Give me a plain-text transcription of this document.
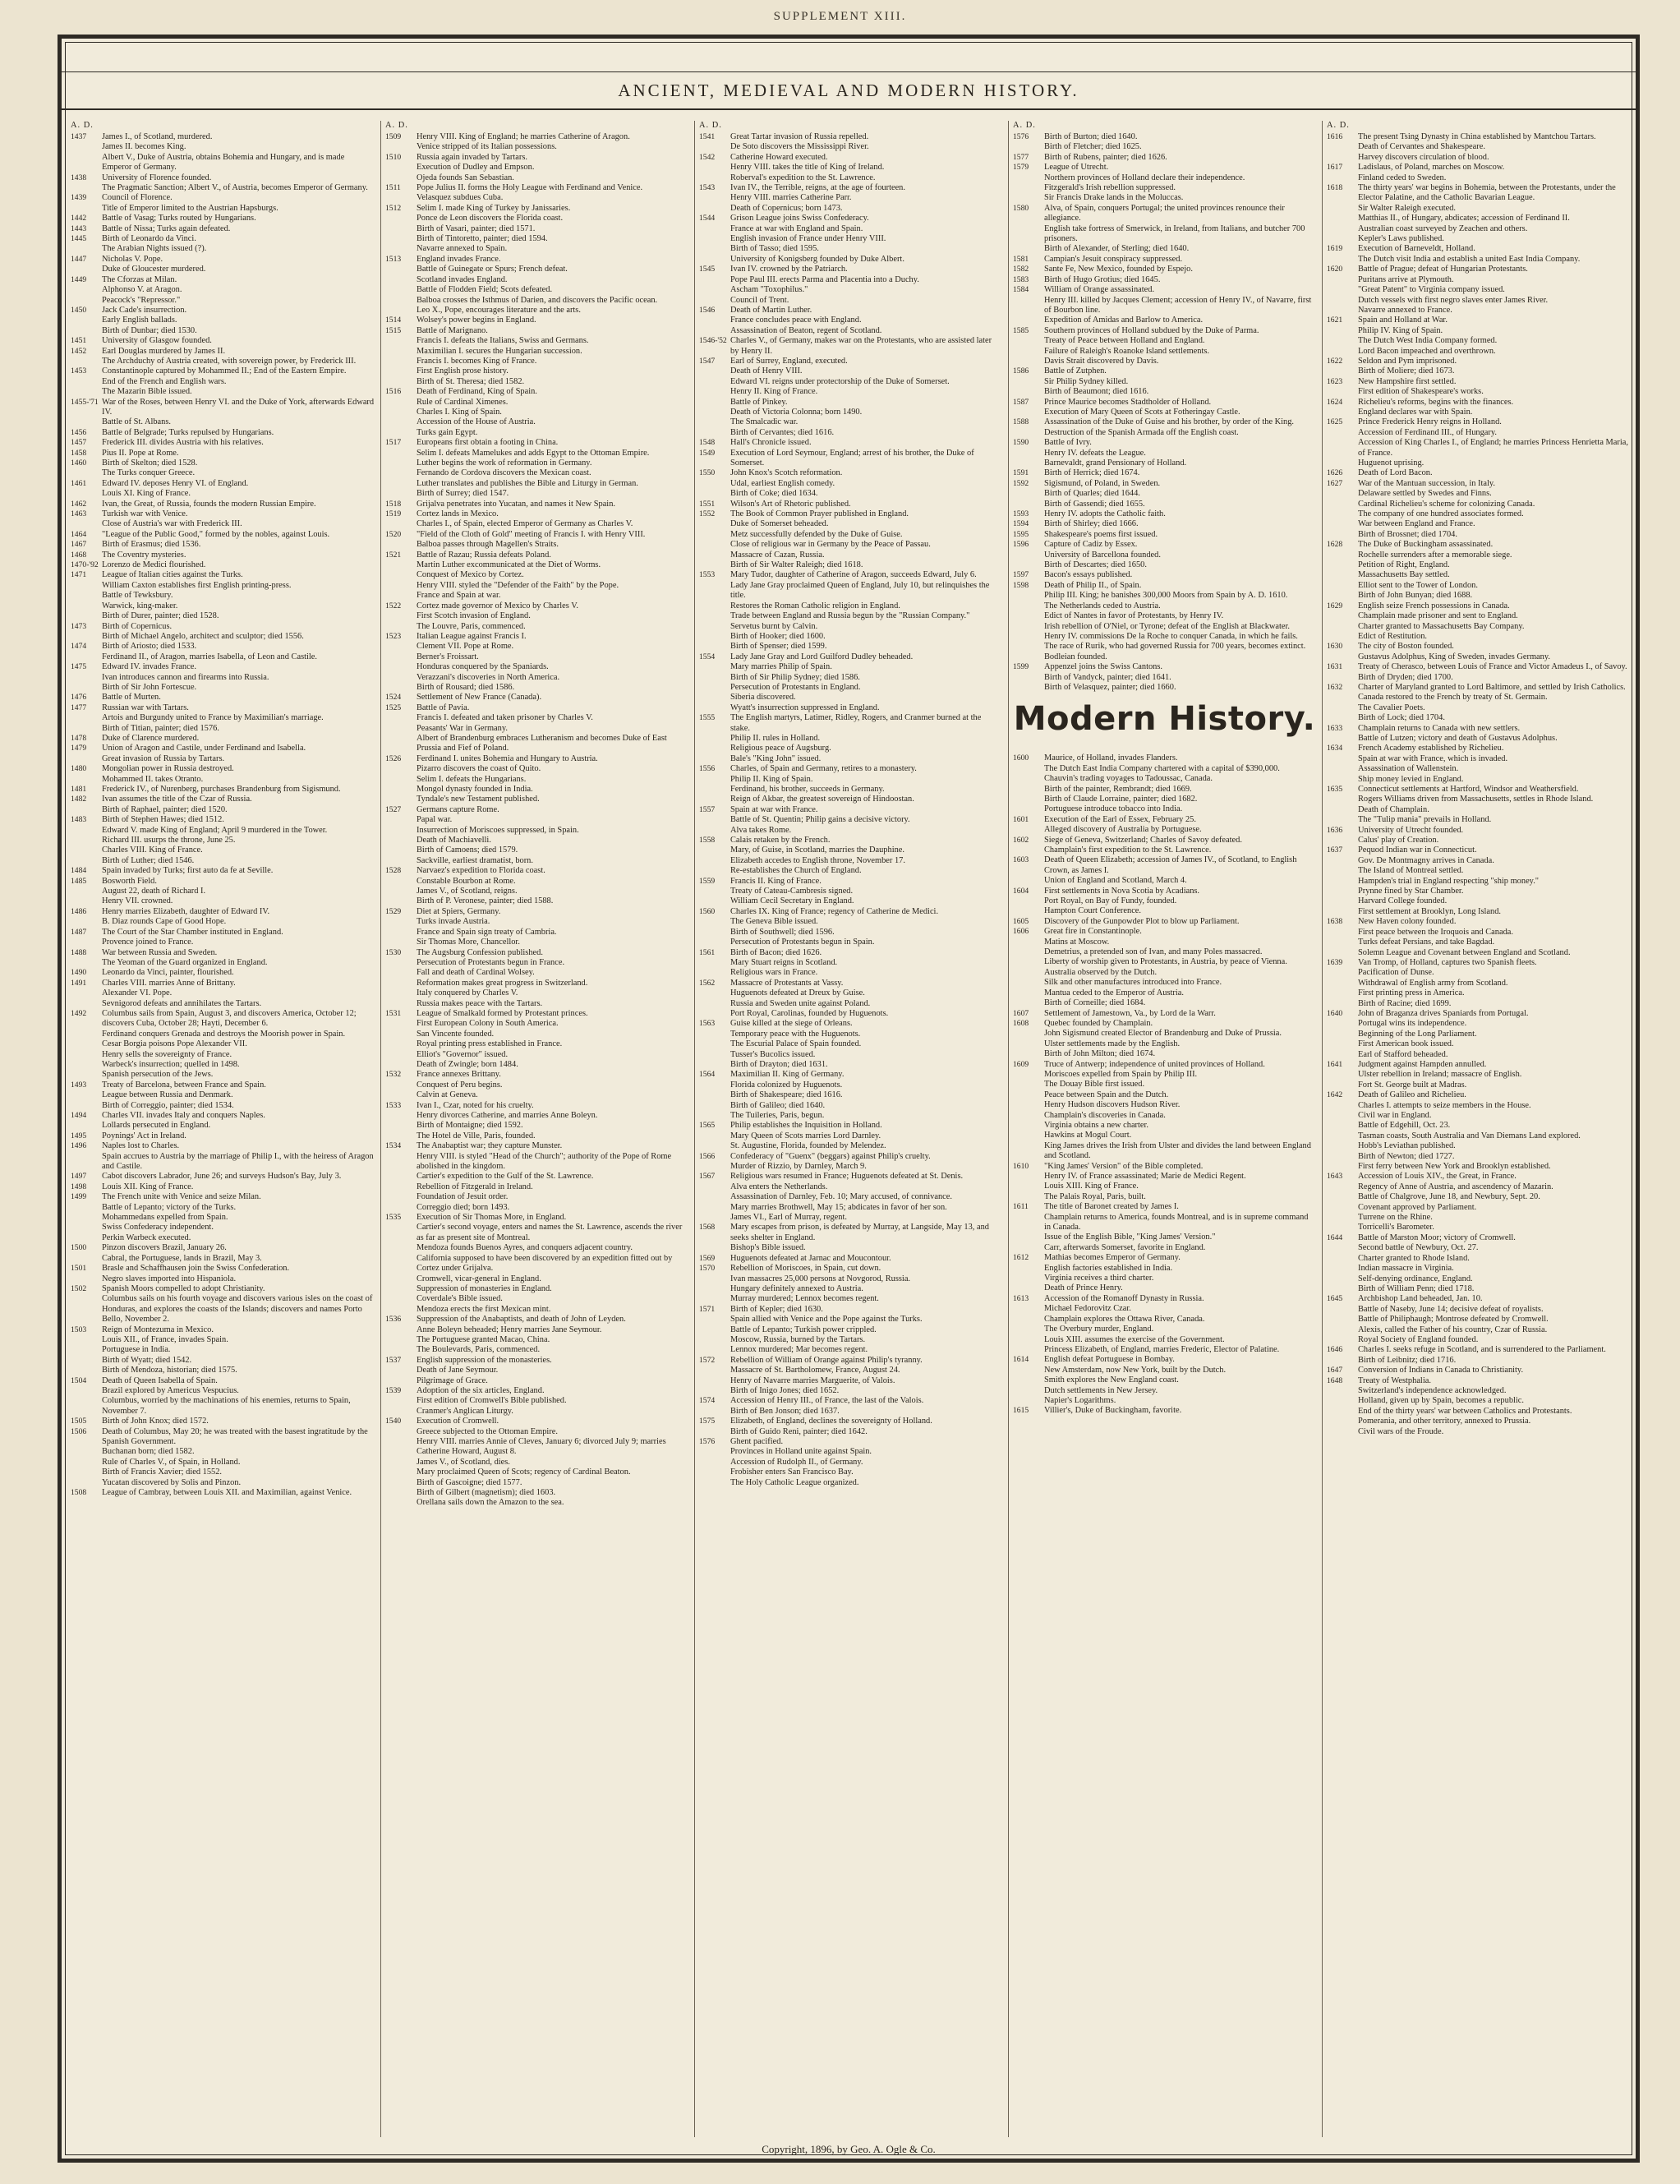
SUPPLEMENT XIII.
ANCIENT, MEDIEVAL AND MODERN HISTORY.
A. D.
1437	James I., of Scotland, murdered.
James II. becomes King.
Albert V., Duke of Austria, obtains Bohemia and Hungary, and is made Emperor of Germany.
1438	University of Florence founded.
The Pragmatic Sanction; Albert V., of Austria, becomes Emperor of Germany.
1439	Council of Florence.
Title of Emperor limited to the Austrian Hapsburgs.
1442	Battle of Vasag; Turks routed by Hungarians.
1443	Battle of Nissa; Turks again defeated.
1445	Birth of Leonardo da Vinci.
The Arabian Nights issued (?).
1447	Nicholas V. Pope.
Duke of Gloucester murdered.
1449	The Cforzas at Milan.
Alphonso V. at Aragon.
Peacock's "Repressor."
1450	Jack Cade's insurrection.
Early English ballads.
Birth of Dunbar; died 1530.
1451	University of Glasgow founded.
1452	Earl Douglas murdered by James II.
The Archduchy of Austria created, with sovereign power, by Frederick III.
1453	Constantinople captured by Mohammed II.; End of the Eastern Empire.
End of the French and English wars.
The Mazarin Bible issued.
1455-'71 War of the Roses, between Henry VI. and the Duke of York, afterwards Edward IV.
Battle of St. Albans.
1456	Battle of Belgrade; Turks repulsed by Hungarians.
1457	Frederick III. divides Austria with his relatives.
1458	Pius II. Pope at Rome.
1460	Birth of Skelton; died 1528.
The Turks conquer Greece.
1461	Edward IV. deposes Henry VI. of England.
Louis XI. King of France.
1462	Ivan, the Great, of Russia, founds the modern Russian Empire.
1463	Turkish war with Venice.
Close of Austria's war with Frederick III.
1464	"League of the Public Good," formed by the nobles, against Louis.
1467	Birth of Erasmus; died 1536.
1468	The Coventry mysteries.
1470-'92 Lorenzo de Medici flourished.
1471	League of Italian cities against the Turks.
William Caxton establishes first English printing-press.
Battle of Tewksbury.
Warwick, king-maker.
Birth of Durer, painter; died 1528.
1473	Birth of Copernicus.
Birth of Michael Angelo, architect and sculptor; died 1556.
1474	Birth of Ariosto; died 1533.
Ferdinand II., of Aragon, marries Isabella, of Leon and Castile.
1475	Edward IV. invades France.
Ivan introduces cannon and firearms into Russia.
Birth of Sir John Fortescue.
1476	Battle of Murten.
1477	Russian war with Tartars.
Artois and Burgundy united to France by Maximilian's marriage.
Birth of Titian, painter; died 1576.
1478	Duke of Clarence murdered.
1479	Union of Aragon and Castile, under Ferdinand and Isabella.
Great invasion of Russia by Tartars.
1480	Mongolian power in Russia destroyed.
Mohammed II. takes Otranto.
1481	Frederick IV., of Nurenberg, purchases Brandenburg from Sigismund.
1482	Ivan assumes the title of the Czar of Russia.
Birth of Raphael, painter; died 1520.
1483	Birth of Stephen Hawes; died 1512.
Edward V. made King of England; April 9 murdered in the Tower.
Richard III. usurps the throne, June 25.
Charles VIII. King of France.
Birth of Luther; died 1546.
1484	Spain invaded by Turks; first auto da fe at Seville.
1485	Bosworth Field.
August 22, death of Richard I.
Henry VII. crowned.
1486	Henry marries Elizabeth, daughter of Edward IV.
B. Diaz rounds Cape of Good Hope.
1487	The Court of the Star Chamber instituted in England.
Provence joined to France.
1488	War between Russia and Sweden.
The Yeoman of the Guard organized in England.
1490	Leonardo da Vinci, painter, flourished.
1491	Charles VIII. marries Anne of Brittany.
Alexander VI. Pope.
Sevnigorod defeats and annihilates the Tartars.
1492	Columbus sails from Spain, August 3, and discovers America, October 12; discovers Cuba, October 28; Hayti, December 6.
Ferdinand conquers Grenada and destroys the Moorish power in Spain.
Cesar Borgia poisons Pope Alexander VII.
Henry sells the sovereignty of France.
Warbeck's insurrection; quelled in 1498.
Spanish persecution of the Jews.
1493	Treaty of Barcelona, between France and Spain.
League between Russia and Denmark.
Birth of Correggio, painter; died 1534.
1494	Charles VII. invades Italy and conquers Naples.
Lollards persecuted in England.
1495	Poynings' Act in Ireland.
1496	Naples lost to Charles.
Spain accrues to Austria by the marriage of Philip I., with the heiress of Aragon and Castile.
1497	Cabot discovers Labrador, June 26; and surveys Hudson's Bay, July 3.
1498	Louis XII. King of France.
1499	The French unite with Venice and seize Milan.
Battle of Lepanto; victory of the Turks.
Mohammedans expelled from Spain.
Swiss Confederacy independent.
Perkin Warbeck executed.
1500	Pinzon discovers Brazil, January 26.
Cabral, the Portuguese, lands in Brazil, May 3.
1501	Brasle and Schaffhausen join the Swiss Confederation.
Negro slaves imported into Hispaniola.
1502	Spanish Moors compelled to adopt Christianity.
Columbus sails on his fourth voyage and discovers various isles on the coast of Honduras, and explores the coasts of the Islands; discovers and names Porto Bello, November 2.
1503	Reign of Montezuma in Mexico.
Louis XII., of France, invades Spain.
Portuguese in India.
Birth of Wyatt; died 1542.
Birth of Mendoza, historian; died 1575.
1504	Death of Queen Isabella of Spain.
Brazil explored by Americus Vespucius.
Columbus, worried by the machinations of his enemies, returns to Spain, November 7.
1505	Birth of John Knox; died 1572.
1506	Death of Columbus, May 20; he was treated with the basest ingratitude by the Spanish Government.
Buchanan born; died 1582.
Rule of Charles V., of Spain, in Holland.
Birth of Francis Xavier; died 1552.
Yucatan discovered by Solis and Pinzon.
1508	League of Cambray, between Louis XII. and Maximilian, against Venice.
A. D.
1509	Henry VIII. King of England; he marries Catherine of Aragon.
Venice stripped of its Italian possessions.
1510	Russia again invaded by Tartars.
Execution of Dudley and Empson.
Ojeda founds San Sebastian.
1511	Pope Julius II. forms the Holy League with Ferdinand and Venice.
Velasquez subdues Cuba.
1512	Selim I. made King of Turkey by Janissaries.
Ponce de Leon discovers the Florida coast.
Birth of Vasari, painter; died 1571.
Birth of Tintoretto, painter; died 1594.
Navarre annexed to Spain.
1513	England invades France.
Battle of Guinegate or Spurs; French defeat.
Scotland invades England.
Battle of Flodden Field; Scots defeated.
Balboa crosses the Isthmus of Darien, and discovers the Pacific ocean.
Leo X., Pope, encourages literature and the arts.
1514	Wolsey's power begins in England.
1515	Battle of Marignano.
Francis I. defeats the Italians, Swiss and Germans.
Maximilian I. secures the Hungarian succession.
Francis I. becomes King of France.
First English prose history.
Birth of St. Theresa; died 1582.
1516	Death of Ferdinand, King of Spain.
Rule of Cardinal Ximenes.
Charles I. King of Spain.
Accession of the House of Austria.
Turks gain Egypt.
1517	Europeans first obtain a footing in China.
Selim I. defeats Mamelukes and adds Egypt to the Ottoman Empire.
Luther begins the work of reformation in Germany.
Fernando de Cordova discovers the Mexican coast.
Luther translates and publishes the Bible and Liturgy in German.
Birth of Surrey; died 1547.
1518	Grijalva penetrates into Yucatan, and names it New Spain.
1519	Cortez lands in Mexico.
Charles I., of Spain, elected Emperor of Germany as Charles V.
1520	"Field of the Cloth of Gold" meeting of Francis I. with Henry VIII.
Balboa passes through Magellen's Straits.
1521	Battle of Razau; Russia defeats Poland.
Martin Luther excommunicated at the Diet of Worms.
Conquest of Mexico by Cortez.
Henry VIII. styled the "Defender of the Faith" by the Pope.
France and Spain at war.
1522	Cortez made governor of Mexico by Charles V.
First Scotch invasion of England.
The Louvre, Paris, commenced.
1523	Italian League against Francis I.
Clement VII. Pope at Rome.
Berner's Froissart.
Honduras conquered by the Spaniards.
Verazzani's discoveries in North America.
Birth of Rousard; died 1586.
1524	Settlement of New France (Canada).
1525	Battle of Pavia.
Francis I. defeated and taken prisoner by Charles V.
Peasants' War in Germany.
Albert of Brandenburg embraces Lutheranism and becomes Duke of East Prussia and Fief of Poland.
1526	Ferdinand I. unites Bohemia and Hungary to Austria.
Pizarro discovers the coast of Quito.
Selim I. defeats the Hungarians.
Mongol dynasty founded in India.
Tyndale's new Testament published.
1527	Germans capture Rome.
Papal war.
Insurrection of Moriscoes suppressed, in Spain.
Death of Machiavelli.
Birth of Camoens; died 1579.
Sackville, earliest dramatist, born.
1528	Narvaez's expedition to Florida coast.
Constable Bourbon at Rome.
James V., of Scotland, reigns.
Birth of P. Veronese, painter; died 1588.
1529	Diet at Spiers, Germany.
Turks invade Austria.
France and Spain sign treaty of Cambria.
Sir Thomas More, Chancellor.
1530	The Augsburg Confession published.
Persecution of Protestants begun in France.
Fall and death of Cardinal Wolsey.
Reformation makes great progress in Switzerland.
Italy conquered by Charles V.
Russia makes peace with the Tartars.
1531	League of Smalkald formed by Protestant princes.
First European Colony in South America.
San Vincente founded.
Royal printing press established in France.
Elliot's "Governor" issued.
Death of Zwingle; born 1484.
1532	France annexes Brittany.
Conquest of Peru begins.
Calvin at Geneva.
1533	Ivan I., Czar, noted for his cruelty.
Henry divorces Catherine, and marries Anne Boleyn.
Birth of Montaigne; died 1592.
The Hotel de Ville, Paris, founded.
1534	The Anabaptist war; they capture Munster.
Henry VIII. is styled "Head of the Church"; authority of the Pope of Rome abolished in the kingdom.
Cartier's expedition to the Gulf of the St. Lawrence.
Rebellion of Fitzgerald in Ireland.
Foundation of Jesuit order.
Correggio died; born 1493.
1535	Execution of Sir Thomas More, in England.
Cartier's second voyage, enters and names the St. Lawrence, ascends the river as far as present site of Montreal.
Mendoza founds Buenos Ayres, and conquers adjacent country.
California supposed to have been discovered by an expedition fitted out by Cortez under Grijalva.
Cromwell, vicar-general in England.
Suppression of monasteries in England.
Coverdale's Bible issued.
Mendoza erects the first Mexican mint.
1536	Suppression of the Anabaptists, and death of John of Leyden.
Anne Boleyn beheaded; Henry marries Jane Seymour.
The Portuguese granted Macao, China.
The Boulevards, Paris, commenced.
1537	English suppression of the monasteries.
Death of Jane Seymour.
Pilgrimage of Grace.
1539	Adoption of the six articles, England.
First edition of Cromwell's Bible published.
Cranmer's Anglican Liturgy.
1540	Execution of Cromwell.
Greece subjected to the Ottoman Empire.
Henry VIII. marries Annie of Cleves, January 6; divorced July 9; marries Catherine Howard, August 8.
James V., of Scotland, dies.
Mary proclaimed Queen of Scots; regency of Cardinal Beaton.
Birth of Gascoigne; died 1577.
Birth of Gilbert (magnetism); died 1603.
Orellana sails down the Amazon to the sea.
A. D.
1541	Great Tartar invasion of Russia repelled.
De Soto discovers the Mississippi River.
1542	Catherine Howard executed.
Henry VIII. takes the title of King of Ireland.
Roberval's expedition to the St. Lawrence.
1543	Ivan IV., the Terrible, reigns, at the age of fourteen.
Henry VIII. marries Catherine Parr.
Death of Copernicus; born 1473.
1544	Grison League joins Swiss Confederacy.
France at war with England and Spain.
English invasion of France under Henry VIII.
Birth of Tasso; died 1595.
University of Konigsberg founded by Duke Albert.
1545	Ivan IV. crowned by the Patriarch.
Pope Paul III. erects Parma and Placentia into a Duchy.
Ascham "Toxophilus."
Council of Trent.
1546	Death of Martin Luther.
France concludes peace with England.
Assassination of Beaton, regent of Scotland.
1546-'52 Charles V., of Germany, makes war on the Protestants, who are assisted later by Henry II.
1547	Earl of Surrey, England, executed.
Death of Henry VIII.
Edward VI. reigns under protectorship of the Duke of Somerset.
Henry II. King of France.
Battle of Pinkey.
Death of Victoria Colonna; born 1490.
The Smalcadic war.
Birth of Cervantes; died 1616.
1548	Hall's Chronicle issued.
1549	Execution of Lord Seymour, England; arrest of his brother, the Duke of Somerset.
1550	John Knox's Scotch reformation.
Udal, earliest English comedy.
Birth of Coke; died 1634.
1551	Wilson's Art of Rhetoric published.
1552	The Book of Common Prayer published in England.
Duke of Somerset beheaded.
Metz successfully defended by the Duke of Guise.
Close of religious war in Germany by the Peace of Passau.
Massacre of Cazan, Russia.
Birth of Sir Walter Raleigh; died 1618.
1553	Mary Tudor, daughter of Catherine of Aragon, succeeds Edward, July 6.
Lady Jane Gray proclaimed Queen of England, July 10, but relinquishes the title.
Restores the Roman Catholic religion in England.
Trade between England and Russia begun by the "Russian Company."
Servetus burnt by Calvin.
Birth of Hooker; died 1600.
Birth of Spenser; died 1599.
1554	Lady Jane Gray and Lord Guilford Dudley beheaded.
Mary marries Philip of Spain.
Birth of Sir Philip Sydney; died 1586.
Persecution of Protestants in England.
Siberia discovered.
Wyatt's insurrection suppressed in England.
1555	The English martyrs, Latimer, Ridley, Rogers, and Cranmer burned at the stake.
Philip II. rules in Holland.
Religious peace of Augsburg.
Bale's "King John" issued.
1556	Charles, of Spain and Germany, retires to a monastery.
Philip II. King of Spain.
Ferdinand, his brother, succeeds in Germany.
Reign of Akbar, the greatest sovereign of Hindoostan.
1557	Spain at war with France.
Battle of St. Quentin; Philip gains a decisive victory.
Alva takes Rome.
1558	Calais retaken by the French.
Mary, of Guise, in Scotland, marries the Dauphine.
Elizabeth accedes to English throne, November 17.
Re-establishes the Church of England.
1559	Francis II. King of France.
Treaty of Cateau-Cambresis signed.
William Cecil Secretary in England.
1560	Charles IX. King of France; regency of Catherine de Medici.
The Geneva Bible issued.
Birth of Southwell; died 1596.
Persecution of Protestants begun in Spain.
1561	Birth of Bacon; died 1626.
Mary Stuart reigns in Scotland.
Religious wars in France.
1562	Massacre of Protestants at Vassy.
Huguenots defeated at Dreux by Guise.
Russia and Sweden unite against Poland.
Port Royal, Carolinas, founded by Huguenots.
1563	Guise killed at the siege of Orleans.
Temporary peace with the Huguenots.
The Escurial Palace of Spain founded.
Tusser's Bucolics issued.
Birth of Drayton; died 1631.
1564	Maximilian II. King of Germany.
Florida colonized by Huguenots.
Birth of Shakespeare; died 1616.
Birth of Galileo; died 1640.
The Tuileries, Paris, begun.
1565	Philip establishes the Inquisition in Holland.
Mary Queen of Scots marries Lord Darnley.
St. Augustine, Florida, founded by Melendez.
1566	Confederacy of "Guenx" (beggars) against Philip's cruelty.
Murder of Rizzio, by Darnley, March 9.
1567	Religious wars resumed in France; Huguenots defeated at St. Denis.
Alva enters the Netherlands.
Assassination of Darnley, Feb. 10; Mary accused, of connivance.
Mary marries Brothwell, May 15; abdicates in favor of her son.
James VI., Earl of Murray, regent.
1568	Mary escapes from prison, is defeated by Murray, at Langside, May 13, and seeks shelter in England.
Bishop's Bible issued.
1569	Huguenots defeated at Jarnac and Moucontour.
1570	Rebellion of Moriscoes, in Spain, cut down.
Ivan massacres 25,000 persons at Novgorod, Russia.
Hungary definitely annexed to Austria.
Murray murdered; Lennox becomes regent.
1571	Birth of Kepler; died 1630.
Spain allied with Venice and the Pope against the Turks.
Battle of Lepanto; Turkish power crippled.
Moscow, Russia, burned by the Tartars.
Lennox murdered; Mar becomes regent.
1572	Rebellion of William of Orange against Philip's tyranny.
Massacre of St. Bartholomew, France, August 24.
Henry of Navarre marries Marguerite, of Valois.
Birth of Inigo Jones; died 1652.
1574	Accession of Henry III., of France, the last of the Valois.
Birth of Ben Jonson; died 1637.
1575	Elizabeth, of England, declines the sovereignty of Holland.
Birth of Guido Reni, painter; died 1642.
1576	Ghent pacified.
Provinces in Holland unite against Spain.
Accession of Rudolph II., of Germany.
Frobisher enters San Francisco Bay.
The Holy Catholic League organized.
A. D.
1576	Birth of Burton; died 1640.
Birth of Fletcher; died 1625.
1577	Birth of Rubens, painter; died 1626.
1579	League of Utrecht.
Northern provinces of Holland declare their independence.
Fitzgerald's Irish rebellion suppressed.
Sir Francis Drake lands in the Moluccas.
1580	Alva, of Spain, conquers Portugal; the united provinces renounce their allegiance.
English take fortress of Smerwick, in Ireland, from Italians, and butcher 700 prisoners.
Birth of Alexander, of Sterling; died 1640.
1581	Campian's Jesuit conspiracy suppressed.
1582	Sante Fe, New Mexico, founded by Espejo.
1583	Birth of Hugo Grotius; died 1645.
1584	William of Orange assassinated.
Henry III. killed by Jacques Clement; accession of Henry IV., of Navarre, first of Bourbon line.
Expedition of Amidas and Barlow to America.
1585	Southern provinces of Holland subdued by the Duke of Parma.
Treaty of Peace between Holland and England.
Failure of Raleigh's Roanoke Island settlements.
Davis Strait discovered by Davis.
1586	Battle of Zutphen.
Sir Philip Sydney killed.
Birth of Beaumont; died 1616.
1587	Prince Maurice becomes Stadtholder of Holland.
Execution of Mary Queen of Scots at Fotheringay Castle.
1588	Assassination of the Duke of Guise and his brother, by order of the King.
Destruction of the Spanish Armada off the English coast.
1590	Battle of Ivry.
Henry IV. defeats the League.
Barnevaldt, grand Pensionary of Holland.
1591	Birth of Herrick; died 1674.
1592	Sigismund, of Poland, in Sweden.
Birth of Quarles; died 1644.
Birth of Gassendi; died 1655.
1593	Henry IV. adopts the Catholic faith.
1594	Birth of Shirley; died 1666.
1595	Shakespeare's poems first issued.
1596	Capture of Cadiz by Essex.
University of Barcellona founded.
Birth of Descartes; died 1650.
1597	Bacon's essays published.
1598	Death of Philip II., of Spain.
Philip III. King; he banishes 300,000 Moors from Spain by A. D. 1610.
The Netherlands ceded to Austria.
Edict of Nantes in favor of Protestants, by Henry IV.
Irish rebellion of O'Niel, or Tyrone; defeat of the English at Blackwater.
Henry IV. commissions De la Roche to conquer Canada, in which he fails.
The race of Rurik, who had governed Russia for 700 years, becomes extinct.
Bodleian founded.
1599	Appenzel joins the Swiss Cantons.
Birth of Vandyck, painter; died 1641.
Birth of Velasquez, painter; died 1660.
Modern History.
1600	Maurice, of Holland, invades Flanders.
The Dutch East India Company chartered with a capital of $390,000.
Chauvin's trading voyages to Tadoussac, Canada.
Birth of the painter, Rembrandt; died 1669.
Birth of Claude Lorraine, painter; died 1682.
Portuguese introduce tobacco into India.
1601	Execution of the Earl of Essex, February 25.
Alleged discovery of Australia by Portuguese.
1602	Siege of Geneva, Switzerland; Charles of Savoy defeated.
Champlain's first expedition to the St. Lawrence.
1603	Death of Queen Elizabeth; accession of James IV., of Scotland, to English Crown, as James I.
Union of England and Scotland, March 4.
1604	First settlements in Nova Scotia by Acadians.
Port Royal, on Bay of Fundy, founded.
Hampton Court Conference.
1605	Discovery of the Gunpowder Plot to blow up Parliament.
1606	Great fire in Constantinople.
Matins at Moscow.
Demetrius, a pretended son of Ivan, and many Poles massacred.
Liberty of worship given to Protestants, in Austria, by peace of Vienna.
Australia observed by the Dutch.
Silk and other manufactures introduced into France.
Mantua ceded to the Emperor of Austria.
Birth of Corneille; died 1684.
1607	Settlement of Jamestown, Va., by Lord de la Warr.
1608	Quebec founded by Champlain.
John Sigismund created Elector of Brandenburg and Duke of Prussia.
Ulster settlements made by the English.
Birth of John Milton; died 1674.
1609	Truce of Antwerp; independence of united provinces of Holland.
Moriscoes expelled from Spain by Philip III.
The Douay Bible first issued.
Peace between Spain and the Dutch.
Henry Hudson discovers Hudson River.
Champlain's discoveries in Canada.
Virginia obtains a new charter.
Hawkins at Mogul Court.
King James drives the Irish from Ulster and divides the land between England and Scotland.
1610	"King James' Version" of the Bible completed.
Henry IV. of France assassinated; Marie de Medici Regent.
Louis XIII. King of France.
The Palais Royal, Paris, built.
1611	The title of Baronet created by James I.
Champlain returns to America, founds Montreal, and is in supreme command in Canada.
Issue of the English Bible, "King James' Version."
Carr, afterwards Somerset, favorite in England.
1612	Mathias becomes Emperor of Germany.
English factories established in India.
Virginia receives a third charter.
Death of Prince Henry.
1613	Accession of the Romanoff Dynasty in Russia.
Michael Fedorovitz Czar.
Champlain explores the Ottawa River, Canada.
The Overbury murder, England.
Louis XIII. assumes the exercise of the Government.
Princess Elizabeth, of England, marries Frederic, Elector of Palatine.
1614	English defeat Portuguese in Bombay.
New Amsterdam, now New York, built by the Dutch.
Smith explores the New England coast.
Dutch settlements in New Jersey.
Napier's Logarithms.
1615	Villier's, Duke of Buckingham, favorite.
A. D.
1616	The present Tsing Dynasty in China established by Mantchou Tartars.
Death of Cervantes and Shakespeare.
Harvey discovers circulation of blood.
1617	Ladislaus, of Poland, marches on Moscow.
Finland ceded to Sweden.
1618	The thirty years' war begins in Bohemia, between the Protestants, under the Elector Palatine, and the Catholic Bavarian League.
Sir Walter Raleigh executed.
Matthias II., of Hungary, abdicates; accession of Ferdinand II.
Australian coast surveyed by Zeachen and others.
Kepler's Laws published.
1619	Execution of Barneveldt, Holland.
The Dutch visit India and establish a united East India Company.
1620	Battle of Prague; defeat of Hungarian Protestants.
Puritans arrive at Plymouth.
"Great Patent" to Virginia company issued.
Dutch vessels with first negro slaves enter James River.
Navarre annexed to France.
1621	Spain and Holland at War.
Philip IV. King of Spain.
The Dutch West India Company formed.
Lord Bacon impeached and overthrown.
1622	Seldon and Pym imprisoned.
Birth of Moliere; died 1673.
1623	New Hampshire first settled.
First edition of Shakespeare's works.
1624	Richelieu's reforms, begins with the finances.
England declares war with Spain.
1625	Prince Frederick Henry reigns in Holland.
Accession of Ferdinand III., of Hungary.
Accession of King Charles I., of England; he marries Princess Henrietta Maria, of France.
Huguenot uprising.
1626	Death of Lord Bacon.
1627	War of the Mantuan succession, in Italy.
Delaware settled by Swedes and Finns.
Cardinal Richelieu's scheme for colonizing Canada.
The company of one hundred associates formed.
War between England and France.
Birth of Brossnet; died 1704.
1628	The Duke of Buckingham assassinated.
Rochelle surrenders after a memorable siege.
Petition of Right, England.
Massachusetts Bay settled.
Elliot sent to the Tower of London.
Birth of John Bunyan; died 1688.
1629	English seize French possessions in Canada.
Champlain made prisoner and sent to England.
Charter granted to Massachusetts Bay Company.
Edict of Restitution.
1630	The city of Boston founded.
Gustavus Adolphus, King of Sweden, invades Germany.
1631	Treaty of Cherasco, between Louis of France and Victor Amadeus I., of Savoy.
Birth of Dryden; died 1700.
1632	Charter of Maryland granted to Lord Baltimore, and settled by Irish Catholics.
Canada restored to the French by treaty of St. Germain.
The Cavalier Poets.
Birth of Lock; died 1704.
1633	Champlain returns to Canada with new settlers.
Battle of Lutzen; victory and death of Gustavus Adolphus.
1634	French Academy established by Richelieu.
Spain at war with France, which is invaded.
Assassination of Wallenstein.
Ship money levied in England.
1635	Connecticut settlements at Hartford, Windsor and Weathersfield.
Rogers Williams driven from Massachusetts, settles in Rhode Island.
Death of Champlain.
The "Tulip mania" prevails in Holland.
1636	University of Utrecht founded.
Calus' play of Creation.
1637	Pequod Indian war in Connecticut.
Gov. De Montmagny arrives in Canada.
The Island of Montreal settled.
Hampden's trial in England respecting "ship money."
Prynne fined by Star Chamber.
Harvard College founded.
First settlement at Brooklyn, Long Island.
1638	New Haven colony founded.
First peace between the Iroquois and Canada.
Turks defeat Persians, and take Bagdad.
Solemn League and Covenant between England and Scotland.
1639	Van Tromp, of Holland, captures two Spanish fleets.
Pacification of Dunse.
Withdrawal of English army from Scotland.
First printing press in America.
Birth of Racine; died 1699.
1640	John of Braganza drives Spaniards from Portugal.
Portugal wins its independence.
Beginning of the Long Parliament.
First American book issued.
Earl of Stafford beheaded.
1641	Judgment against Hampden annulled.
Ulster rebellion in Ireland; massacre of English.
Fort St. George built at Madras.
1642	Death of Galileo and Richelieu.
Charles I. attempts to seize members in the House.
Civil war in England.
Battle of Edgehill, Oct. 23.
Tasman coasts, South Australia and Van Diemans Land explored.
Hobb's Leviathan published.
Birth of Newton; died 1727.
First ferry between New York and Brooklyn established.
1643	Accession of Louis XIV., the Great, in France.
Regency of Anne of Austria, and ascendency of Mazarin.
Battle of Chalgrove, June 18, and Newbury, Sept. 20.
Covenant approved by Parliament.
Turrene on the Rhine.
Torricelli's Barometer.
1644	Battle of Marston Moor; victory of Cromwell.
Second battle of Newbury, Oct. 27.
Charter granted to Rhode Island.
Indian massacre in Virginia.
Self-denying ordinance, England.
Birth of William Penn; died 1718.
1645	Archbishop Land beheaded, Jan. 10.
Battle of Naseby, June 14; decisive defeat of royalists.
Battle of Philiphaugh; Montrose defeated by Cromwell.
Alexis, called the Father of his country, Czar of Russia.
Royal Society of England founded.
1646	Charles I. seeks refuge in Scotland, and is surrendered to the Parliament.
Birth of Leibnitz; died 1716.
1647	Conversion of Indians in Canada to Christianity.
1648	Treaty of Westphalia.
Switzerland's independence acknowledged.
Holland, given up by Spain, becomes a republic.
End of the thirty years' war between Catholics and Protestants.
Pomerania, and other territory, annexed to Prussia.
Civil wars of the Froude.
Copyright, 1896, by Geo. A. Ogle & Co.
